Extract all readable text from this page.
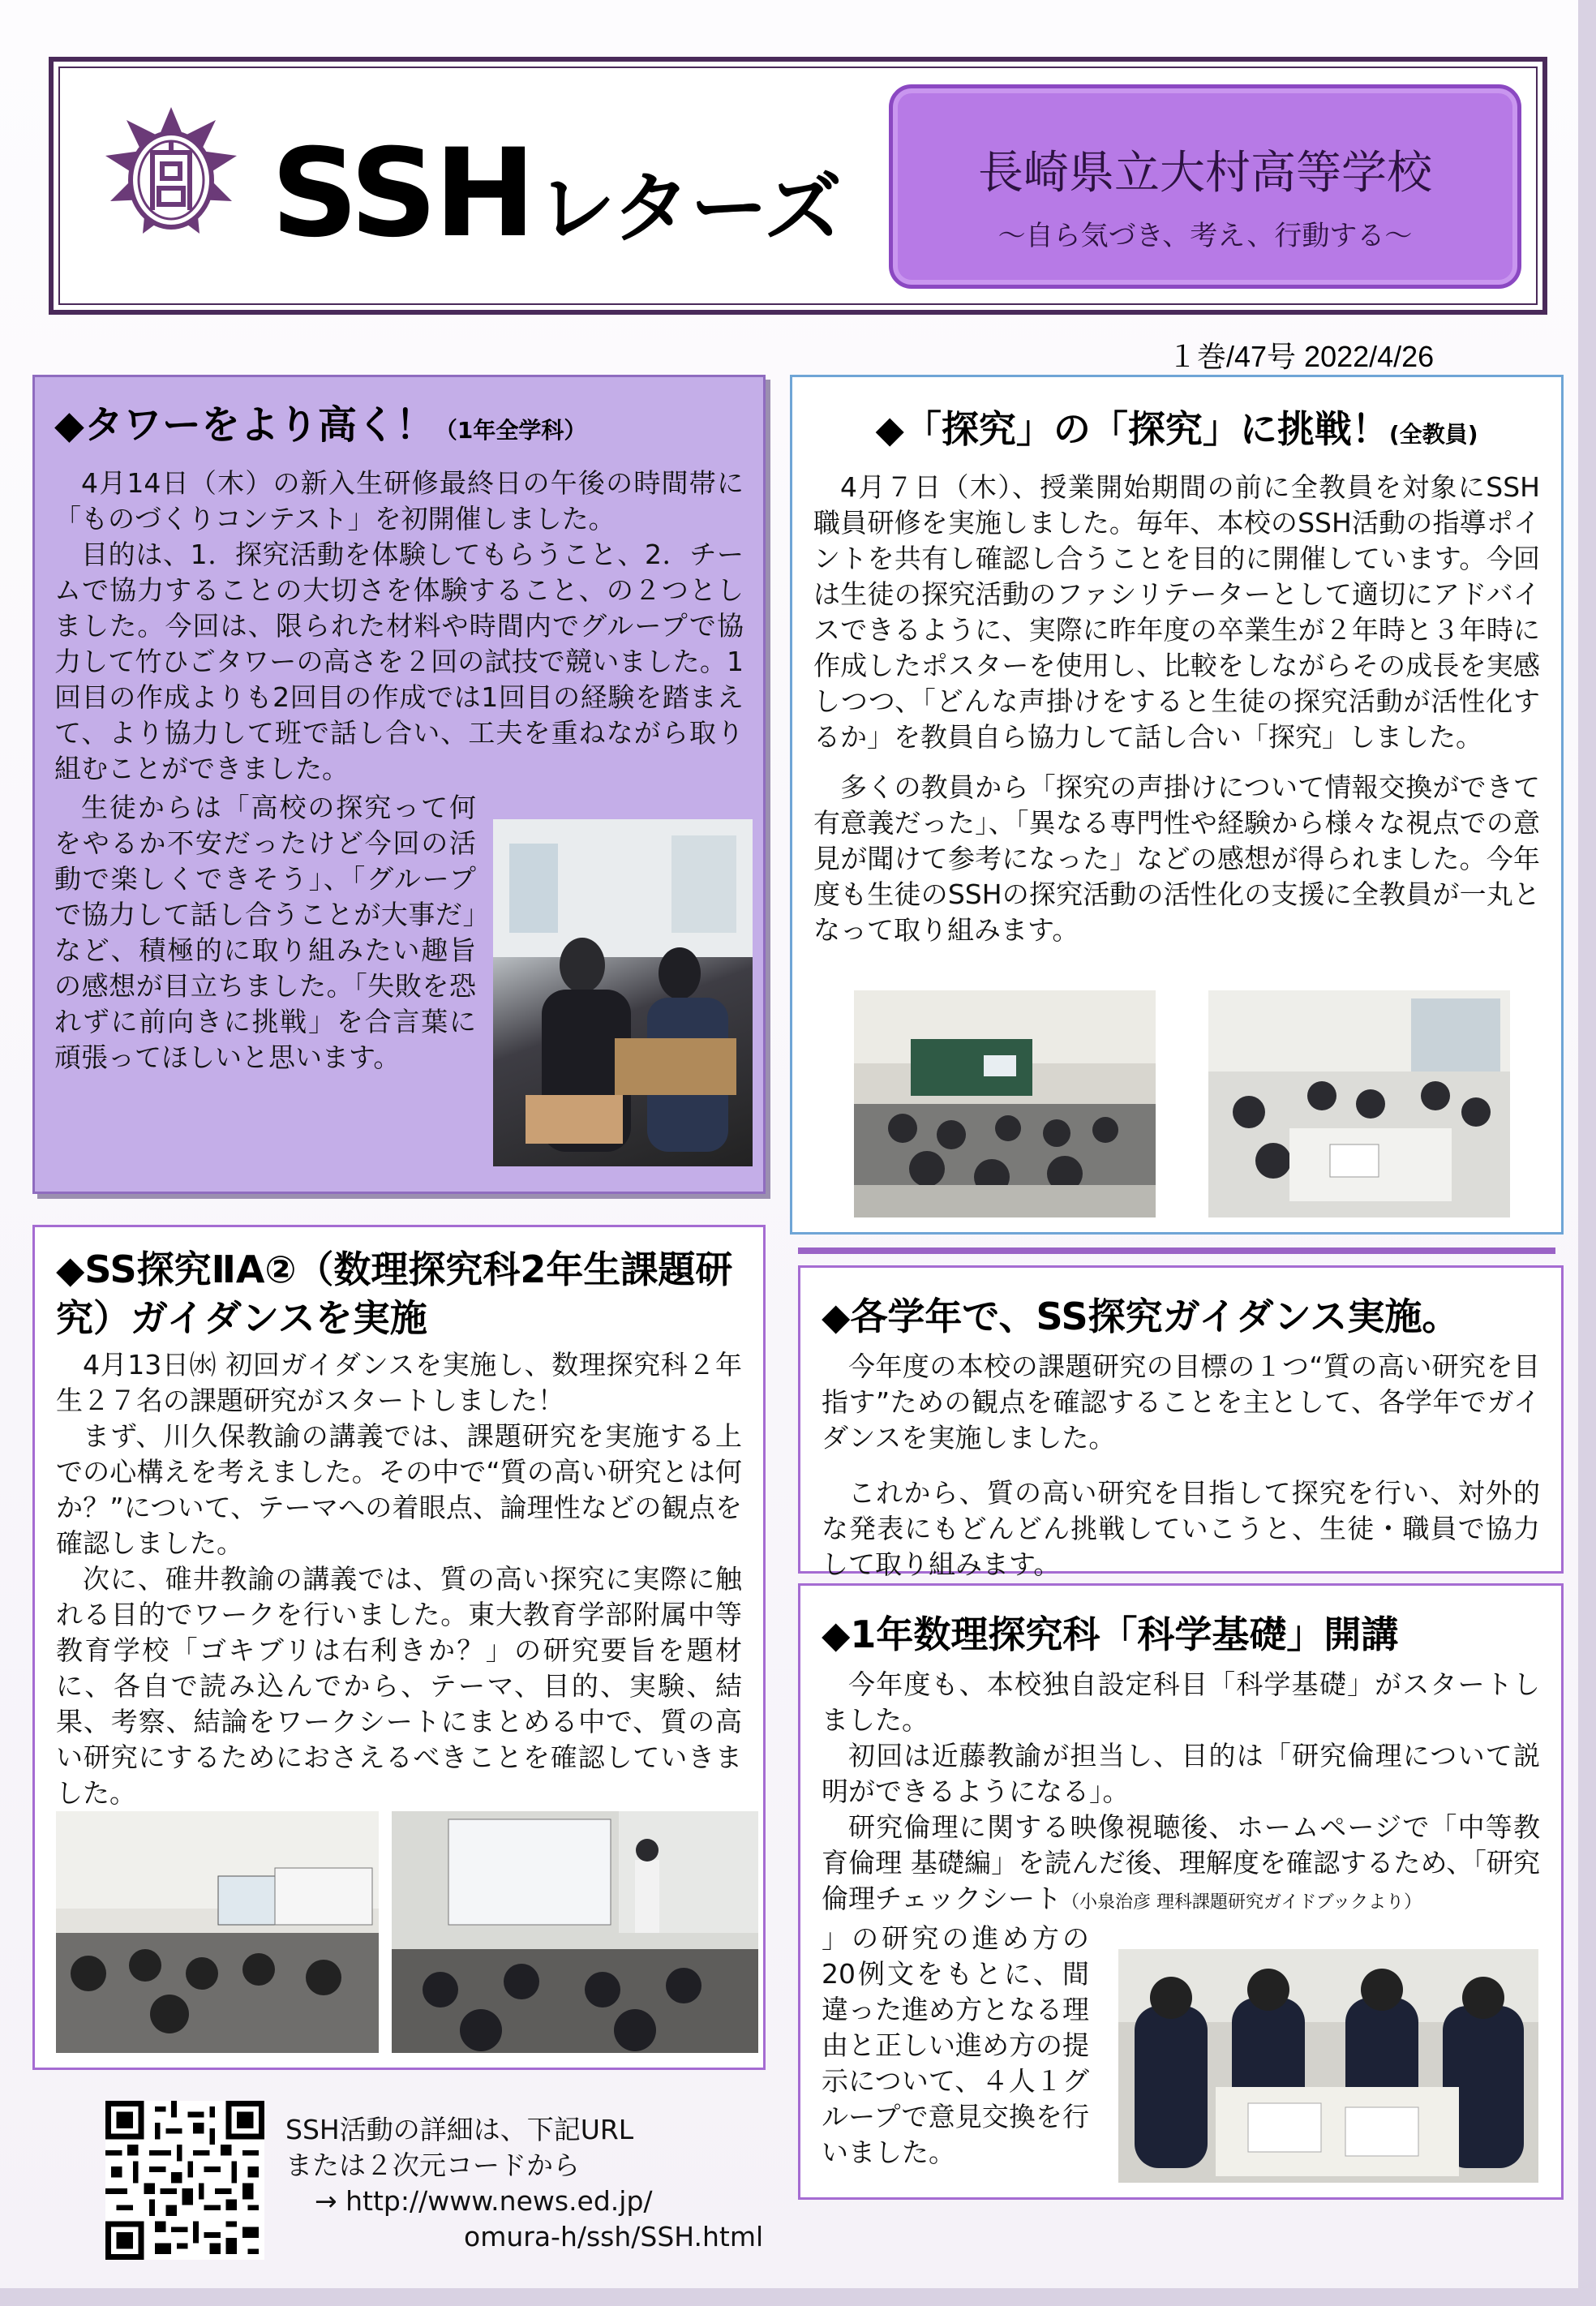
SSH レターズ	長崎県立大村高等学校
〜自ら気づき、考え、行動する〜
１巻/47号 2022/4/26
◆タワーをより高く！（1年全学科）

4月14日（木）の新入生研修最終日の午後の時間帯に「ものづくりコンテスト」を初開催しました。

目的は、1．探究活動を体験してもらうこと、2．チームで協力することの大切さを体験すること、の２つとしました。今回は、限られた材料や時間内でグループで協力して竹ひごタワーの高さを２回の試技で競いました。1回目の作成よりも2回目の作成では1回目の経験を踏まえて、より協力して班で話し合い、工夫を重ねながら取り組むことができました。

生徒からは「高校の探究って何をやるか不安だったけど今回の活動で楽しくできそう」、「グループで協力して話し合うことが大事だ」など、積極的に取り組みたい趣旨の感想が目立ちました。「失敗を恐れずに前向きに挑戦」を合言葉に頑張ってほしいと思います。

◆「探究」の「探究」に挑戦！(全教員)

4月７日（木）、授業開始期間の前に全教員を対象にSSH職員研修を実施しました。毎年、本校のSSH活動の指導ポイントを共有し確認し合うことを目的に開催しています。今回は生徒の探究活動のファシリテーターとして適切にアドバイスできるように、実際に昨年度の卒業生が２年時と３年時に作成したポスターを使用し、比較をしながらその成長を実感しつつ、「どんな声掛けをすると生徒の探究活動が活性化するか」を教員自ら協力して話し合い「探究」しました。

多くの教員から「探究の声掛けについて情報交換ができて有意義だった」、「異なる専門性や経験から様々な視点での意見が聞けて参考になった」などの感想が得られました。今年度も生徒のSSHの探究活動の活性化の支援に全教員が一丸となって取り組みます。

◆SS探究ⅡA②（数理探究科2年生課題研究）ガイダンスを実施

4月13日㈬ 初回ガイダンスを実施し、数理探究科２年生２７名の課題研究がスタートしました！

まず、川久保教諭の講義では、課題研究を実施する上での心構えを考えました。その中で“質の高い研究とは何か？”について、テーマへの着眼点、論理性などの観点を確認しました。

次に、碓井教諭の講義では、質の高い探究に実際に触れる目的でワークを行いました。東大教育学部附属中等教育学校「ゴキブリは右利きか？」の研究要旨を題材に、各自で読み込んでから、テーマ、目的、実験、結果、考察、結論をワークシートにまとめる中で、質の高い研究にするためにおさえるべきことを確認していきました。

◆各学年で、SS探究ガイダンス実施。

今年度の本校の課題研究の目標の１つ“質の高い研究を目指す”ための観点を確認することを主として、各学年でガイダンスを実施しました。

これから、質の高い研究を目指して探究を行い、対外的な発表にもどんどん挑戦していこうと、生徒・職員で協力して取り組みます。

◆1年数理探究科「科学基礎」開講

今年度も、本校独自設定科目「科学基礎」がスタートしました。

初回は近藤教諭が担当し、目的は「研究倫理について説明ができるようになる」。

研究倫理に関する映像視聴後、ホームページで「中等教育倫理 基礎編」を読んだ後、理解度を確認するため、「研究倫理チェックシート（小泉治彦 理科課題研究ガイドブックより）

」の研究の進め方の20例文をもとに、間違った進め方となる理由と正しい進め方の提示について、４人１グループで意見交換を行いました。

SSH活動の詳細は、下記URL
または２次元コードから
→ http://www.news.ed.jp/
omura-h/ssh/SSH.html
